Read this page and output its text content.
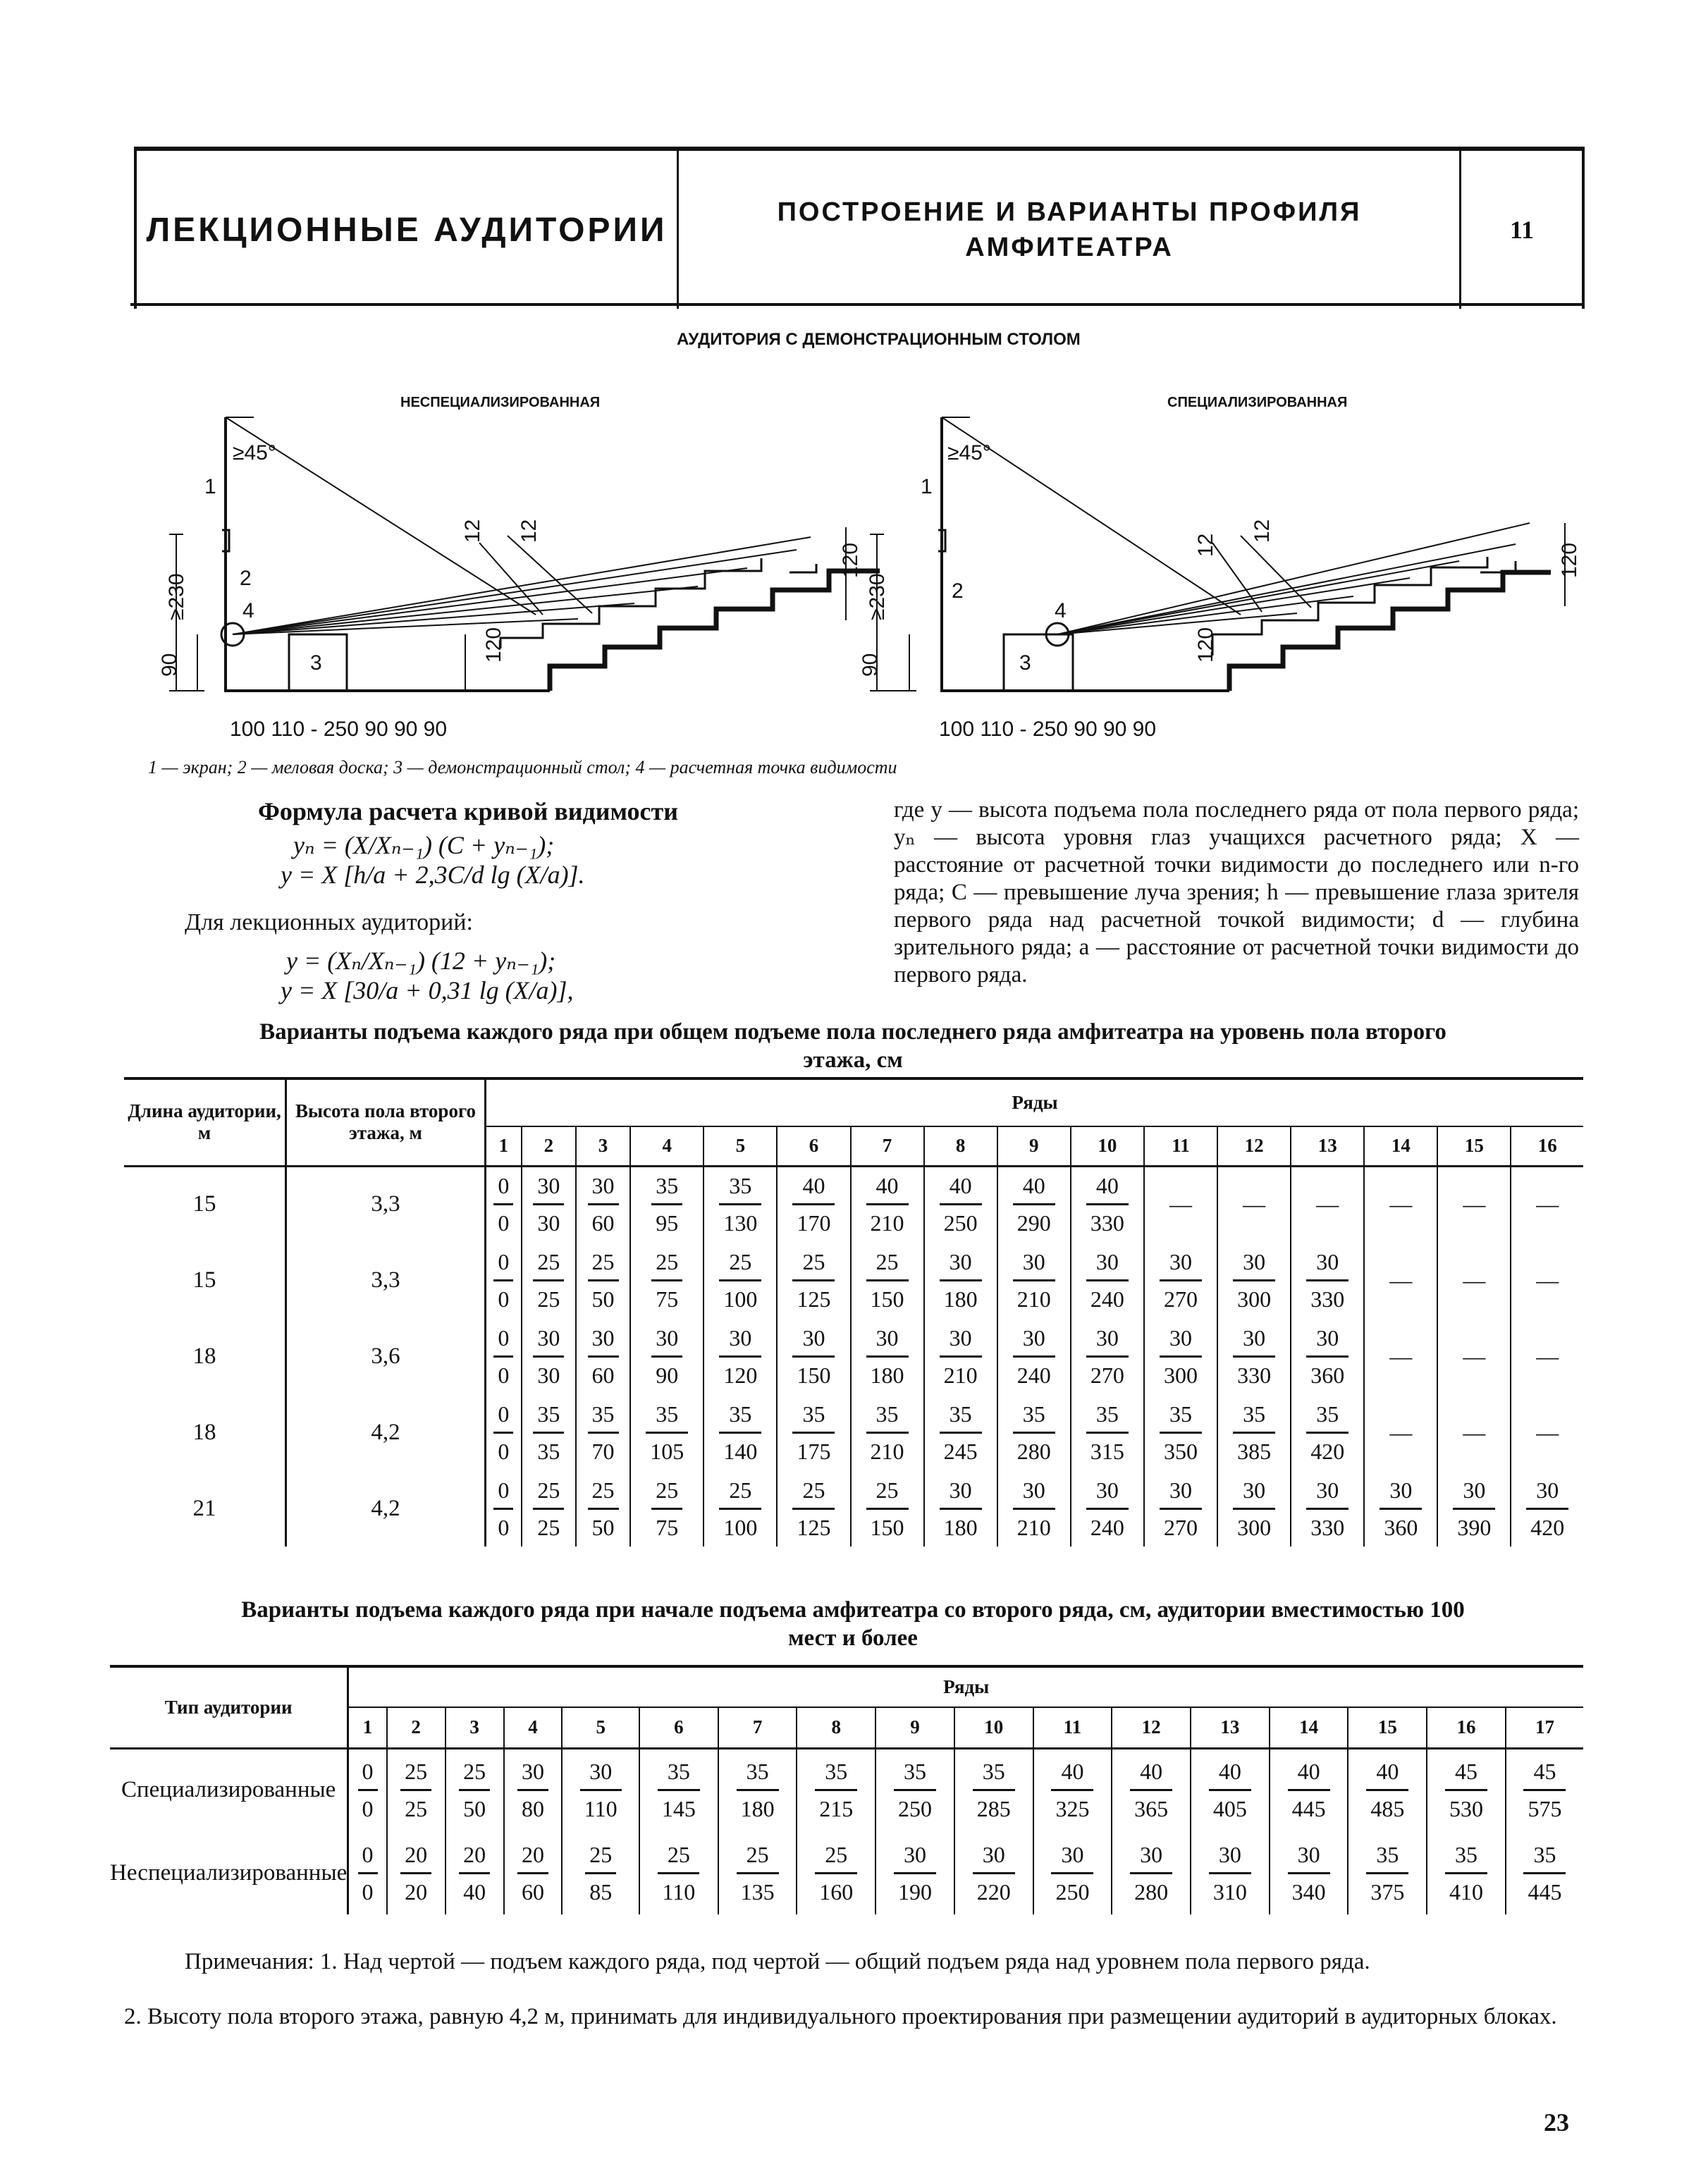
ЛЕКЦИОННЫЕ АУДИТОРИИ	ПОСТРОЕНИЕ И ВАРИАНТЫ ПРОФИЛЯ
АМФИТЕАТРА
11
АУДИТОРИЯ С ДЕМОНСТРАЦИОННЫМ СТОЛОМ
НЕСПЕЦИАЛИЗИРОВАННАЯ	СПЕЦИАЛИЗИРОВАННАЯ
≥45°	≥45°
1	1
2
2
4	4
3	3
≥230	≥230
90	90
120	120
120	120
12 12
12
12
100 110 - 250 90 90 90	100 110 - 250 90 90 90
1 — экран; 2 — меловая доска; 3 — демонстрационный стол; 4 — расчетная точка видимости
Формула расчета кривой видимости
yₙ = (X/Xₙ₋₁) (C + yₙ₋₁);
y = X [h/a + 2,3C/d lg (X/a)].
Для лекционных аудиторий:
y = (Xₙ/Xₙ₋₁) (12 + yₙ₋₁);
y = X [30/a + 0,31 lg (X/a)],
где y — высота подъема пола последнего ряда от пола первого ряда; yₙ — высота уровня глаз учащихся расчетного ряда; X — расстояние от расчетной точки видимости до последнего или n-го ряда; C — превышение луча зрения; h — превышение глаза зрителя первого ряда над расчетной точкой видимости; d — глубина зрительного ряда; a — расстояние от расчетной точки видимости до первого ряда.
Варианты подъема каждого ряда при общем подъеме пола последнего ряда амфитеатра на уровень пола второго
этажа, см
Длина аудитории, м	Высота пола второго этажа, м	Ряды															
		1	2	3	4	5	6	7	8	9	10	11	12	13	14	15	16
15	3,3	$\frac{0}{0}$	$\frac{30}{30}$	$\frac{30}{60}$	$\frac{35}{95}$	$\frac{35}{130}$	$\frac{40}{170}$	$\frac{40}{210}$	$\frac{40}{250}$	$\frac{40}{290}$	$\frac{40}{330}$	—	—	—	—	—	—
15	3,3	$\frac{0}{0}$	$\frac{25}{25}$	$\frac{25}{50}$	$\frac{25}{75}$	$\frac{25}{100}$	$\frac{25}{125}$	$\frac{25}{150}$	$\frac{30}{180}$	$\frac{30}{210}$	$\frac{30}{240}$	$\frac{30}{270}$	$\frac{30}{300}$	$\frac{30}{330}$	—	—	—
18	3,6	$\frac{0}{0}$	$\frac{30}{30}$	$\frac{30}{60}$	$\frac{30}{90}$	$\frac{30}{120}$	$\frac{30}{150}$	$\frac{30}{180}$	$\frac{30}{210}$	$\frac{30}{240}$	$\frac{30}{270}$	$\frac{30}{300}$	$\frac{30}{330}$	$\frac{30}{360}$	—	—	—
18	4,2	$\frac{0}{0}$	$\frac{35}{35}$	$\frac{35}{70}$	$\frac{35}{105}$	$\frac{35}{140}$	$\frac{35}{175}$	$\frac{35}{210}$	$\frac{35}{245}$	$\frac{35}{280}$	$\frac{35}{315}$	$\frac{35}{350}$	$\frac{35}{385}$	$\frac{35}{420}$	—	—	—
21	4,2	$\frac{0}{0}$	$\frac{25}{25}$	$\frac{25}{50}$	$\frac{25}{75}$	$\frac{25}{100}$	$\frac{25}{125}$	$\frac{25}{150}$	$\frac{30}{180}$	$\frac{30}{210}$	$\frac{30}{240}$	$\frac{30}{270}$	$\frac{30}{300}$	$\frac{30}{330}$	$\frac{30}{360}$	$\frac{30}{390}$	$\frac{30}{420}$
Варианты подъема каждого ряда при начале подъема амфитеатра со второго ряда, см, аудитории вместимостью 100
мест и более
Тип аудитории	Ряды																
	1	2	3	4	5	6	7	8	9	10	11	12	13	14	15	16	17
Специализированные	$\frac{0}{0}$	$\frac{25}{25}$	$\frac{25}{50}$	$\frac{30}{80}$	$\frac{30}{110}$	$\frac{35}{145}$	$\frac{35}{180}$	$\frac{35}{215}$	$\frac{35}{250}$	$\frac{35}{285}$	$\frac{40}{325}$	$\frac{40}{365}$	$\frac{40}{405}$	$\frac{40}{445}$	$\frac{40}{485}$	$\frac{45}{530}$	$\frac{45}{575}$

Неспециализированные	$\frac{0}{0}$	$\frac{20}{20}$	$\frac{20}{40}$	$\frac{20}{60}$	$\frac{25}{85}$	$\frac{25}{110}$	$\frac{25}{135}$	$\frac{25}{160}$	$\frac{30}{190}$	$\frac{30}{220}$	$\frac{30}{250}$	$\frac{30}{280}$	$\frac{30}{310}$	$\frac{30}{340}$	$\frac{35}{375}$	$\frac{35}{410}$	$\frac{35}{445}$
Примечания: 1. Над чертой — подъем каждого ряда, под чертой — общий подъем ряда над уровнем пола первого ряда.
2. Высоту пола второго этажа, равную 4,2 м, принимать для индивидуального проектирования при размещении аудиторий в аудиторных блоках.
23
